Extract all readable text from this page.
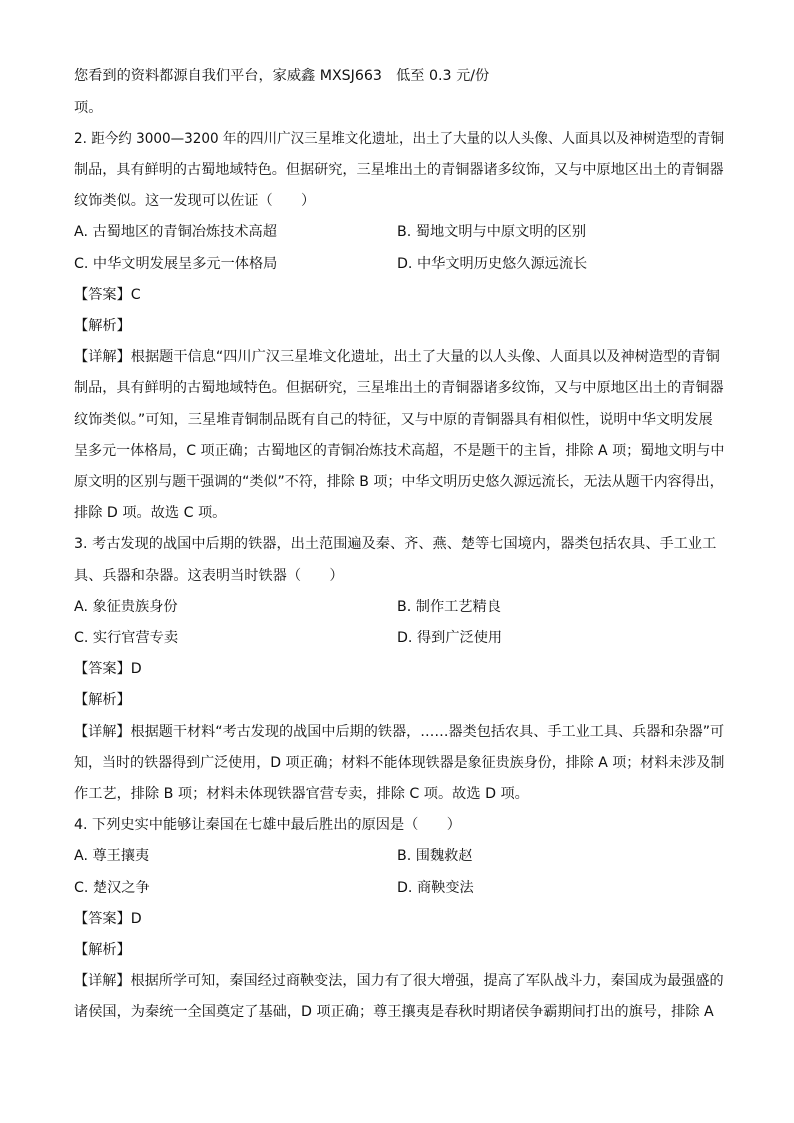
您看到的资料都源自我们平台，家威鑫 MXSJ663　低至 0.3 元/份
项。
2. 距今约 3000—3200 年的四川广汉三星堆文化遗址，出土了大量的以人头像、人面具以及神树造型的青铜
制品，具有鲜明的古蜀地域特色。但据研究，三星堆出土的青铜器诸多纹饰，又与中原地区出土的青铜器
纹饰类似。这一发现可以佐证（　　）
A. 古蜀地区的青铜冶炼技术高超	B. 蜀地文明与中原文明的区别
C. 中华文明发展呈多元一体格局	D. 中华文明历史悠久源远流长
【答案】C
【解析】
【详解】根据题干信息“四川广汉三星堆文化遗址，出土了大量的以人头像、人面具以及神树造型的青铜
制品，具有鲜明的古蜀地域特色。但据研究，三星堆出土的青铜器诸多纹饰，又与中原地区出土的青铜器
纹饰类似。”可知，三星堆青铜制品既有自己的特征，又与中原的青铜器具有相似性，说明中华文明发展
呈多元一体格局，C 项正确；古蜀地区的青铜冶炼技术高超，不是题干的主旨，排除 A 项；蜀地文明与中
原文明的区别与题干强调的“类似”不符，排除 B 项；中华文明历史悠久源远流长，无法从题干内容得出，
排除 D 项。故选 C 项。
3. 考古发现的战国中后期的铁器，出土范围遍及秦、齐、燕、楚等七国境内，器类包括农具、手工业工
具、兵器和杂器。这表明当时铁器（　　）
A. 象征贵族身份	B. 制作工艺精良
C. 实行官营专卖	D. 得到广泛使用
【答案】D
【解析】
【详解】根据题干材料“考古发现的战国中后期的铁器，……器类包括农具、手工业工具、兵器和杂器”可
知，当时的铁器得到广泛使用，D 项正确；材料不能体现铁器是象征贵族身份，排除 A 项；材料未涉及制
作工艺，排除 B 项；材料未体现铁器官营专卖，排除 C 项。故选 D 项。
4. 下列史实中能够让秦国在七雄中最后胜出的原因是（　　）
A. 尊王攘夷	B. 围魏救赵
C. 楚汉之争	D. 商鞅变法
【答案】D
【解析】
【详解】根据所学可知，秦国经过商鞅变法，国力有了很大增强，提高了军队战斗力，秦国成为最强盛的
诸侯国，为秦统一全国奠定了基础，D 项正确；尊王攘夷是春秋时期诸侯争霸期间打出的旗号，排除 A
